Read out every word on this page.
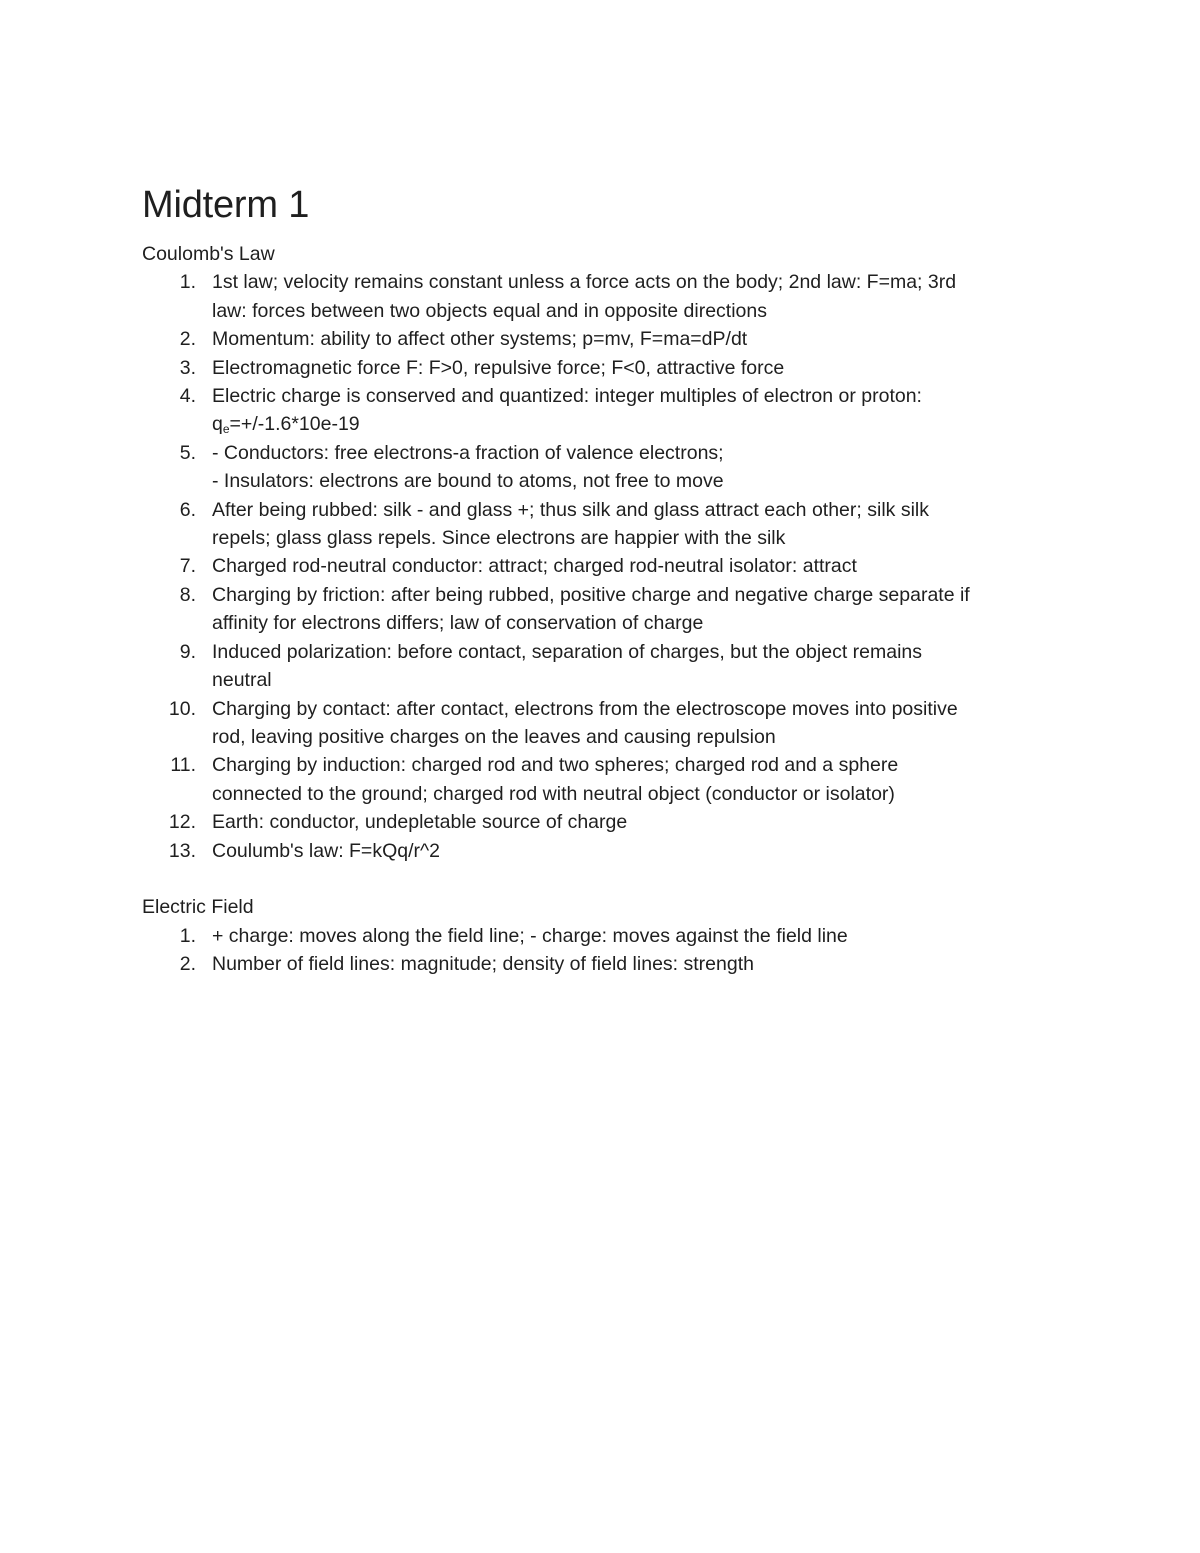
Midterm 1

Coulomb's Law

1. 1st law; velocity remains constant unless a force acts on the body; 2nd law: F=ma; 3rd
law: forces between two objects equal and in opposite directions
2. Momentum: ability to affect other systems; p=mv, F=ma=dP/dt
3. Electromagnetic force F: F>0, repulsive force; F<0, attractive force
4. Electric charge is conserved and quantized: integer multiples of electron or proton:
$q_e=+/-1.6*10e-19$
5. - Conductors: free electrons-a fraction of valence electrons;
- Insulators: electrons are bound to atoms, not free to move
6. After being rubbed: silk - and glass +; thus silk and glass attract each other; silk silk
repels; glass glass repels. Since electrons are happier with the silk
7. Charged rod-neutral conductor: attract; charged rod-neutral isolator: attract
8. Charging by friction: after being rubbed, positive charge and negative charge separate if
affinity for electrons differs; law of conservation of charge
9. Induced polarization: before contact, separation of charges, but the object remains
neutral
10. Charging by contact: after contact, electrons from the electroscope moves into positive
rod, leaving positive charges on the leaves and causing repulsion
11. Charging by induction: charged rod and two spheres; charged rod and a sphere
connected to the ground; charged rod with neutral object (conductor or isolator)
12. Earth: conductor, undepletable source of charge
13. Coulumb's law: F=kQq/r^2

Electric Field

1. + charge: moves along the field line; - charge: moves against the field line
2. Number of field lines: magnitude; density of field lines: strength
